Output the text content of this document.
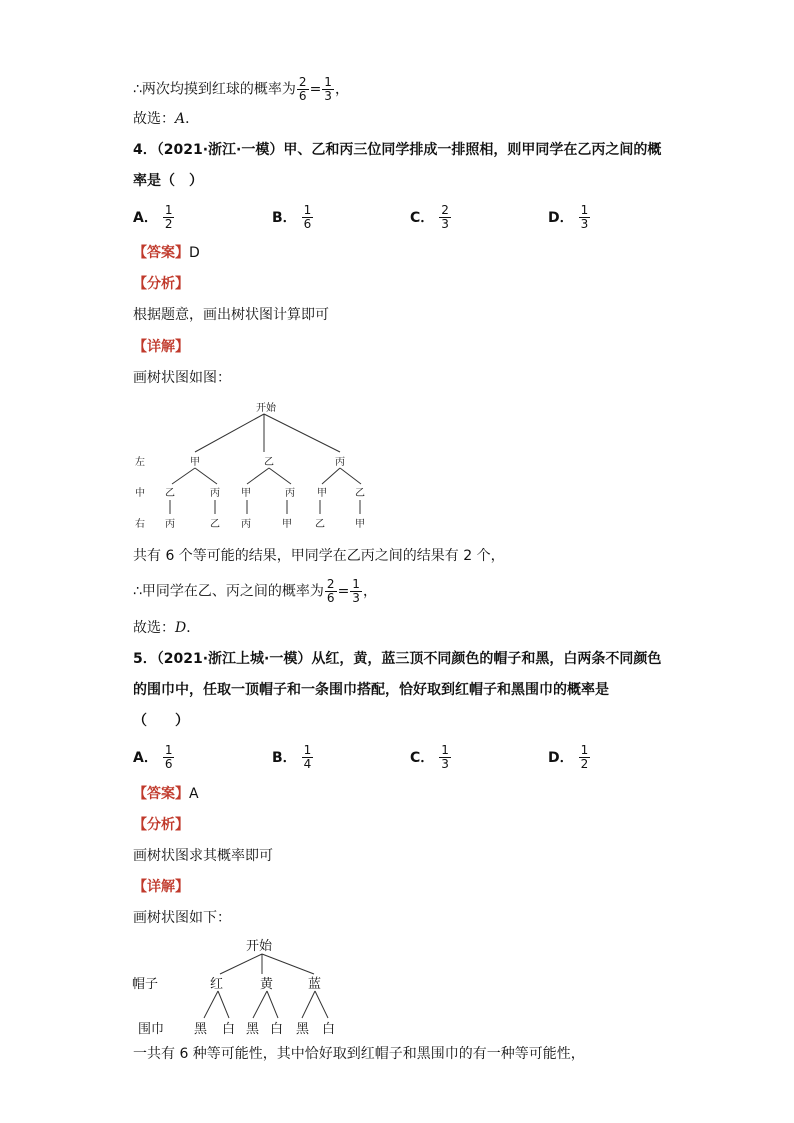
∴两次均摸到红球的概率为 $\frac{2}{6} = \frac{1}{3}$ ，
故选：A．
4．（2021·浙江·一模）甲、乙和丙三位同学排成一排照相，则甲同学在乙丙之间的概
率是（　）
A． $\frac{1}{2}$	B． $\frac{1}{6}$	C． $\frac{2}{3}$	D． $\frac{1}{3}$
【答案】D
【分析】
根据题意，画出树状图计算即可
【详解】
画树状图如图：
开始
左
中
右
甲	乙	丙
乙	丙 甲	丙 甲	乙
丙	乙 丙	甲 乙	甲
共有 6 个等可能的结果，甲同学在乙丙之间的结果有 2 个，
∴甲同学在乙、丙之间的概率为 $\frac{2}{6} = \frac{1}{3}$ ，
故选：D．
5．（2021·浙江上城·一模）从红，黄，蓝三顶不同颜色的帽子和黑，白两条不同颜色
的围巾中，任取一顶帽子和一条围巾搭配，恰好取到红帽子和黑围巾的概率是
（　　）
A． $\frac{1}{6}$	B． $\frac{1}{4}$	C． $\frac{1}{3}$	D． $\frac{1}{2}$
【答案】A
【分析】
画树状图求其概率即可
【详解】
画树状图如下：
开始
帽子
围巾
红	黄	蓝
黑 白 黑 白 黑 白
一共有 6 种等可能性，其中恰好取到红帽子和黑围巾的有一种等可能性，
